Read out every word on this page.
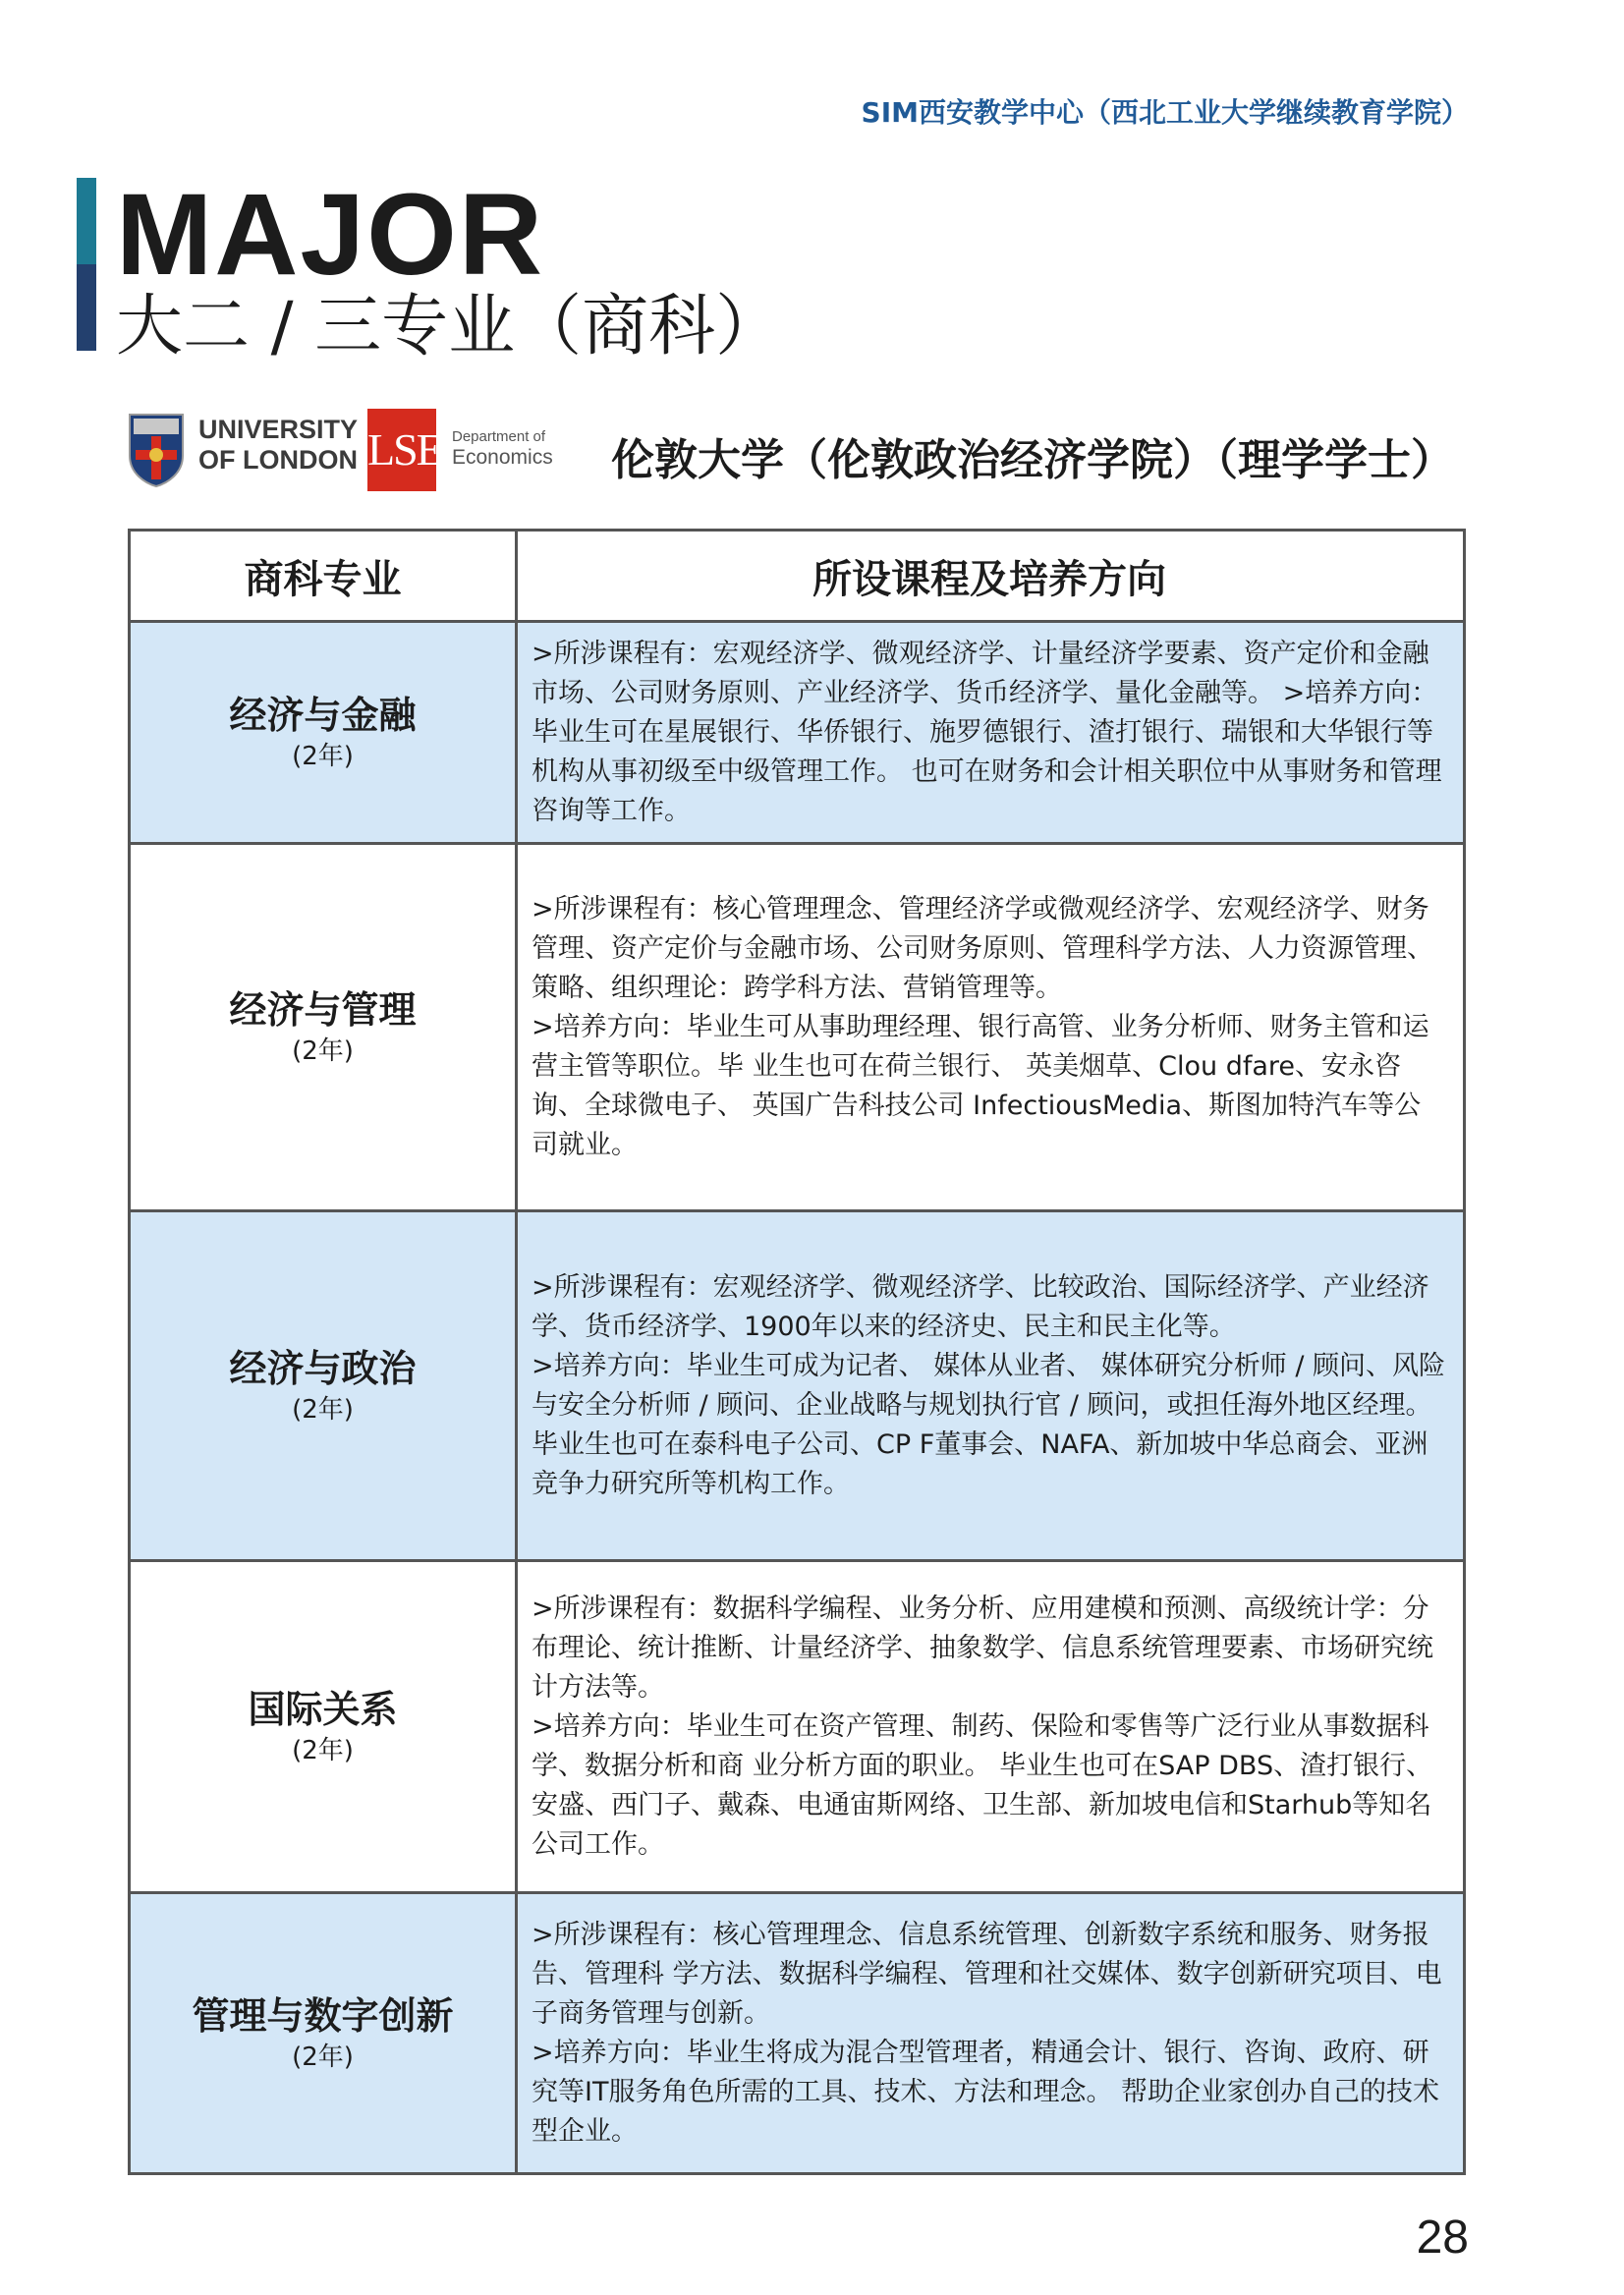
SIM西安教学中心（西北工业大学继续教育学院）
MAJOR
大二 / 三专业（商科）
UNIVERSITY
OF LONDON LSE Department of
Economics 伦敦大学（伦敦政治经济学院）（理学学士）
商科专业	所设课程及培养方向
经济与金融
(2年)

>所涉课程有：宏观经济学、微观经济学、计量经济学要素、资产定价和金融市场、公司财务原则、产业经济学、货币经济学、量化金融等。 >培养方向：毕业生可在星展银行、华侨银行、施罗德银行、渣打银行、瑞银和大华银行等机构从事初级至中级管理工作。 也可在财务和会计相关职位中从事财务和管理咨询等工作。

经济与管理
(2年)

>所涉课程有：核心管理理念、管理经济学或微观经济学、宏观经济学、财务管理、资产定价与金融市场、公司财务原则、管理科学方法、人力资源管理、策略、组织理论：跨学科方法、营销管理等。

>培养方向：毕业生可从事助理经理、银行高管、业务分析师、财务主管和运营主管等职位。毕 业生也可在荷兰银行、 英美烟草、Clou dfare、安永咨询、全球微电子、 英国广告科技公司 InfectiousMedia、斯图加特汽车等公司就业。

经济与政治
(2年)

>所涉课程有：宏观经济学、微观经济学、比较政治、国际经济学、产业经济学、货币经济学、1900年以来的经济史、民主和民主化等。

>培养方向：毕业生可成为记者、 媒体从业者、 媒体研究分析师 / 顾问、风险与安全分析师 / 顾问、企业战略与规划执行官 / 顾问，或担任海外地区经理。 毕业生也可在泰科电子公司、CP F董事会、NAFA、新加坡中华总商会、亚洲竞争力研究所等机构工作。

国际关系
(2年)

>所涉课程有：数据科学编程、业务分析、应用建模和预测、高级统计学：分布理论、统计推断、计量经济学、抽象数学、信息系统管理要素、市场研究统计方法等。

>培养方向：毕业生可在资产管理、制药、保险和零售等广泛行业从事数据科学、数据分析和商 业分析方面的职业。 毕业生也可在SAP DBS、渣打银行、安盛、西门子、戴森、电通宙斯网络、卫生部、新加坡电信和Starhub等知名公司工作。

管理与数字创新
(2年)

>所涉课程有：核心管理理念、信息系统管理、创新数字系统和服务、财务报告、管理科 学方法、数据科学编程、管理和社交媒体、数字创新研究项目、电子商务管理与创新。

>培养方向：毕业生将成为混合型管理者，精通会计、银行、咨询、政府、研究等IT服务角色所需的工具、技术、方法和理念。 帮助企业家创办自己的技术型企业。

28
